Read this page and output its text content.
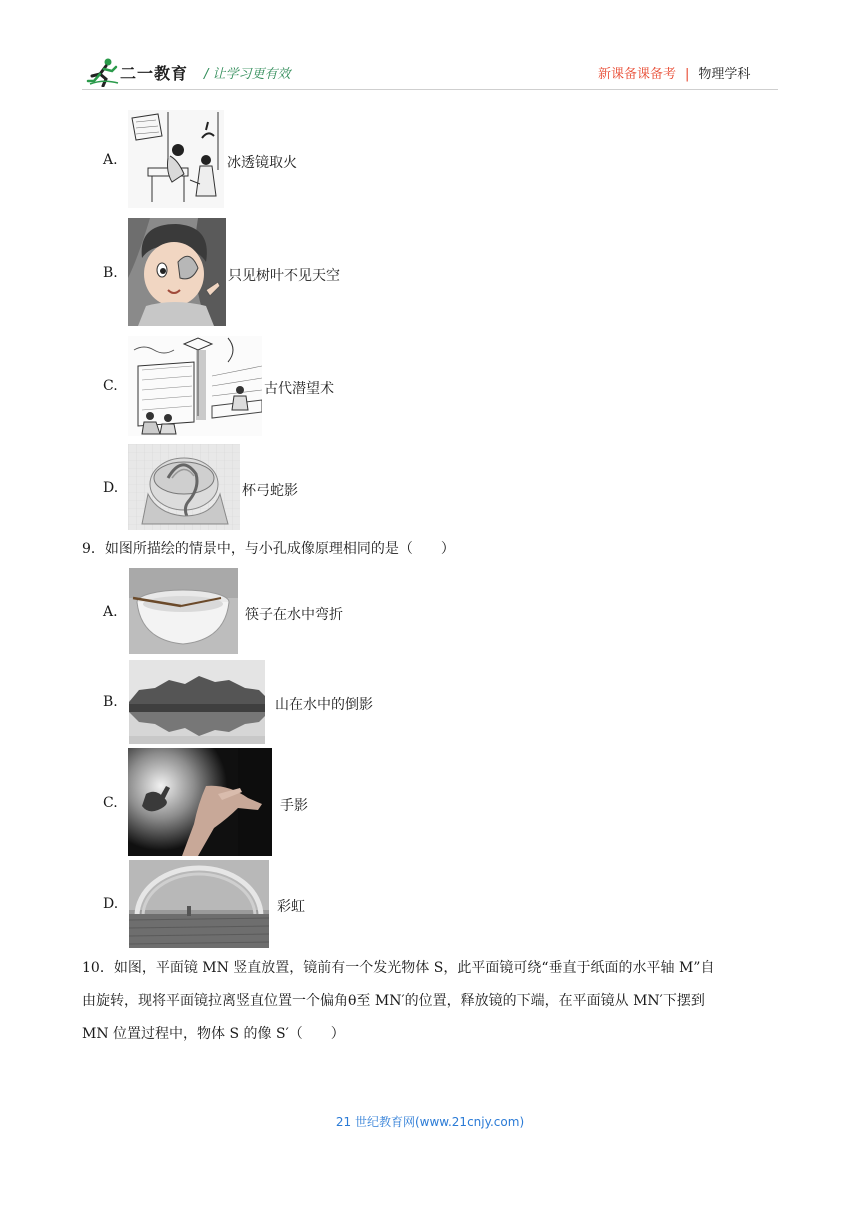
二一教育 / 让学习更有效	新课备课备考 | 物理学科
A.	冰透镜取火
B.	只见树叶不见天空
C.	古代潜望术
D.	杯弓蛇影
9．如图所描绘的情景中，与小孔成像原理相同的是（　　）
A.	筷子在水中弯折
B.	山在水中的倒影
C.	手影
D.	彩虹
10．如图，平面镜 MN 竖直放置，镜前有一个发光物体 S，此平面镜可绕“垂直于纸面的水平轴 M”自
由旋转，现将平面镜拉离竖直位置一个偏角θ至 MN′的位置，释放镜的下端，在平面镜从 MN′下摆到
MN 位置过程中，物体 S 的像 S′（　　）
21 世纪教育网(www.21cnjy.com)
